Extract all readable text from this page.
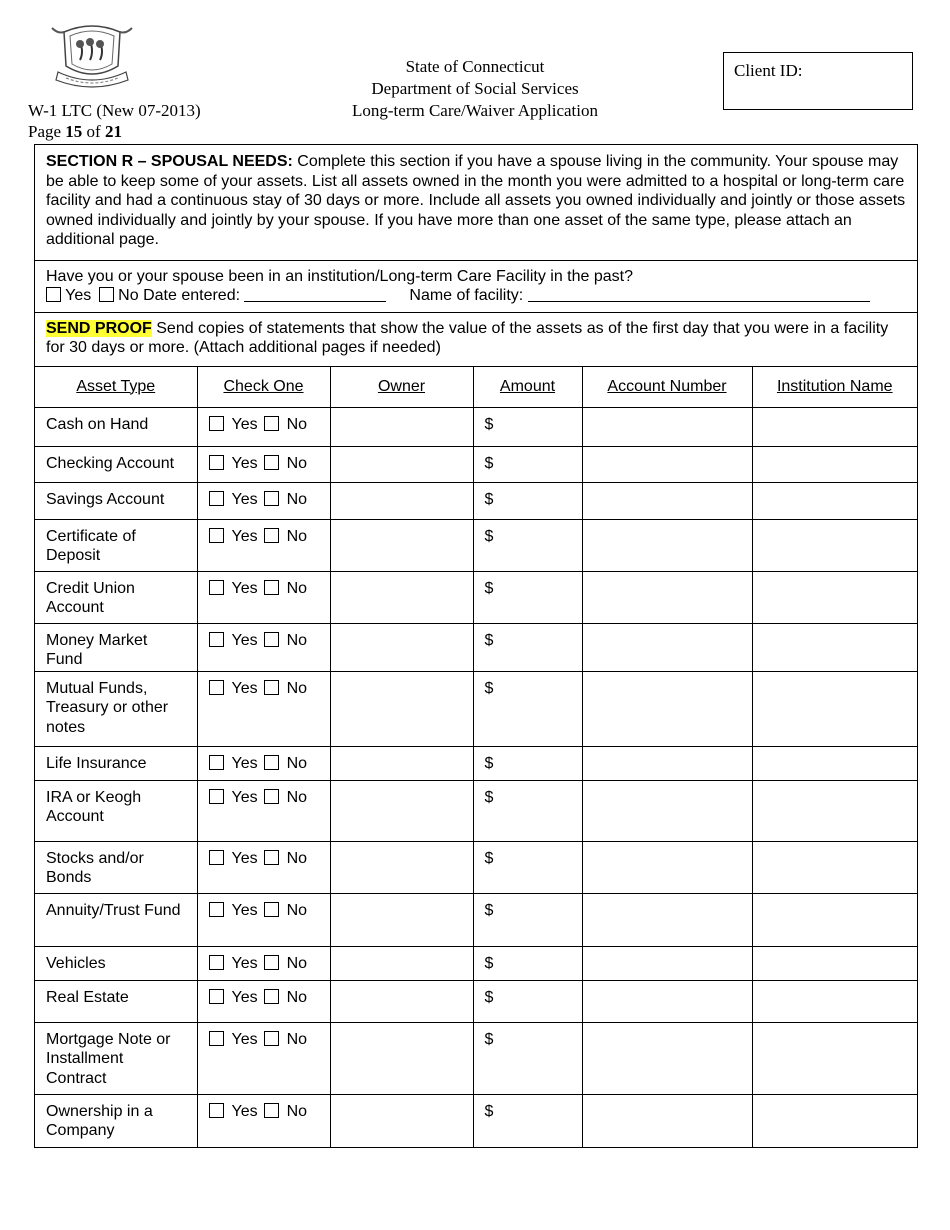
W-1 LTC (New 07-2013)
Page 15 of 21
State of Connecticut
Department of Social Services
Long-term Care/Waiver Application
Client ID:
SECTION R – SPOUSAL NEEDS: Complete this section if you have a spouse living in the community. Your spouse may be able to keep some of your assets. List all assets owned in the month you were admitted to a hospital or long-term care facility and had a continuous stay of 30 days or more. Include all assets you owned individually and jointly or those assets owned individually and jointly by your spouse. If you have more than one asset of the same type, please attach an additional page.
Have you or your spouse been in an institution/Long-term Care Facility in the past?
Yes No Date entered:	Name of facility:
SEND PROOF Send copies of statements that show the value of the assets as of the first day that you were in a facility for 30 days or more. (Attach additional pages if needed)
Asset Type	Check One	Owner	Amount	Account Number	Institution Name
Cash on Hand	Yes No		$		
Checking Account	Yes No		$		
Savings Account	Yes No		$		
Certificate of Deposit	Yes No		$		
Credit Union Account	Yes No		$		
Money Market Fund	Yes No		$		
Mutual Funds, Treasury or other notes	Yes No		$		
Life Insurance	Yes No		$		
IRA or Keogh Account	Yes No		$		
Stocks and/or Bonds	Yes No		$		
Annuity/Trust Fund	Yes No		$		
Vehicles	Yes No		$		
Real Estate	Yes No		$		
Mortgage Note or Installment Contract	Yes No		$		
Ownership in a Company	Yes No		$		
